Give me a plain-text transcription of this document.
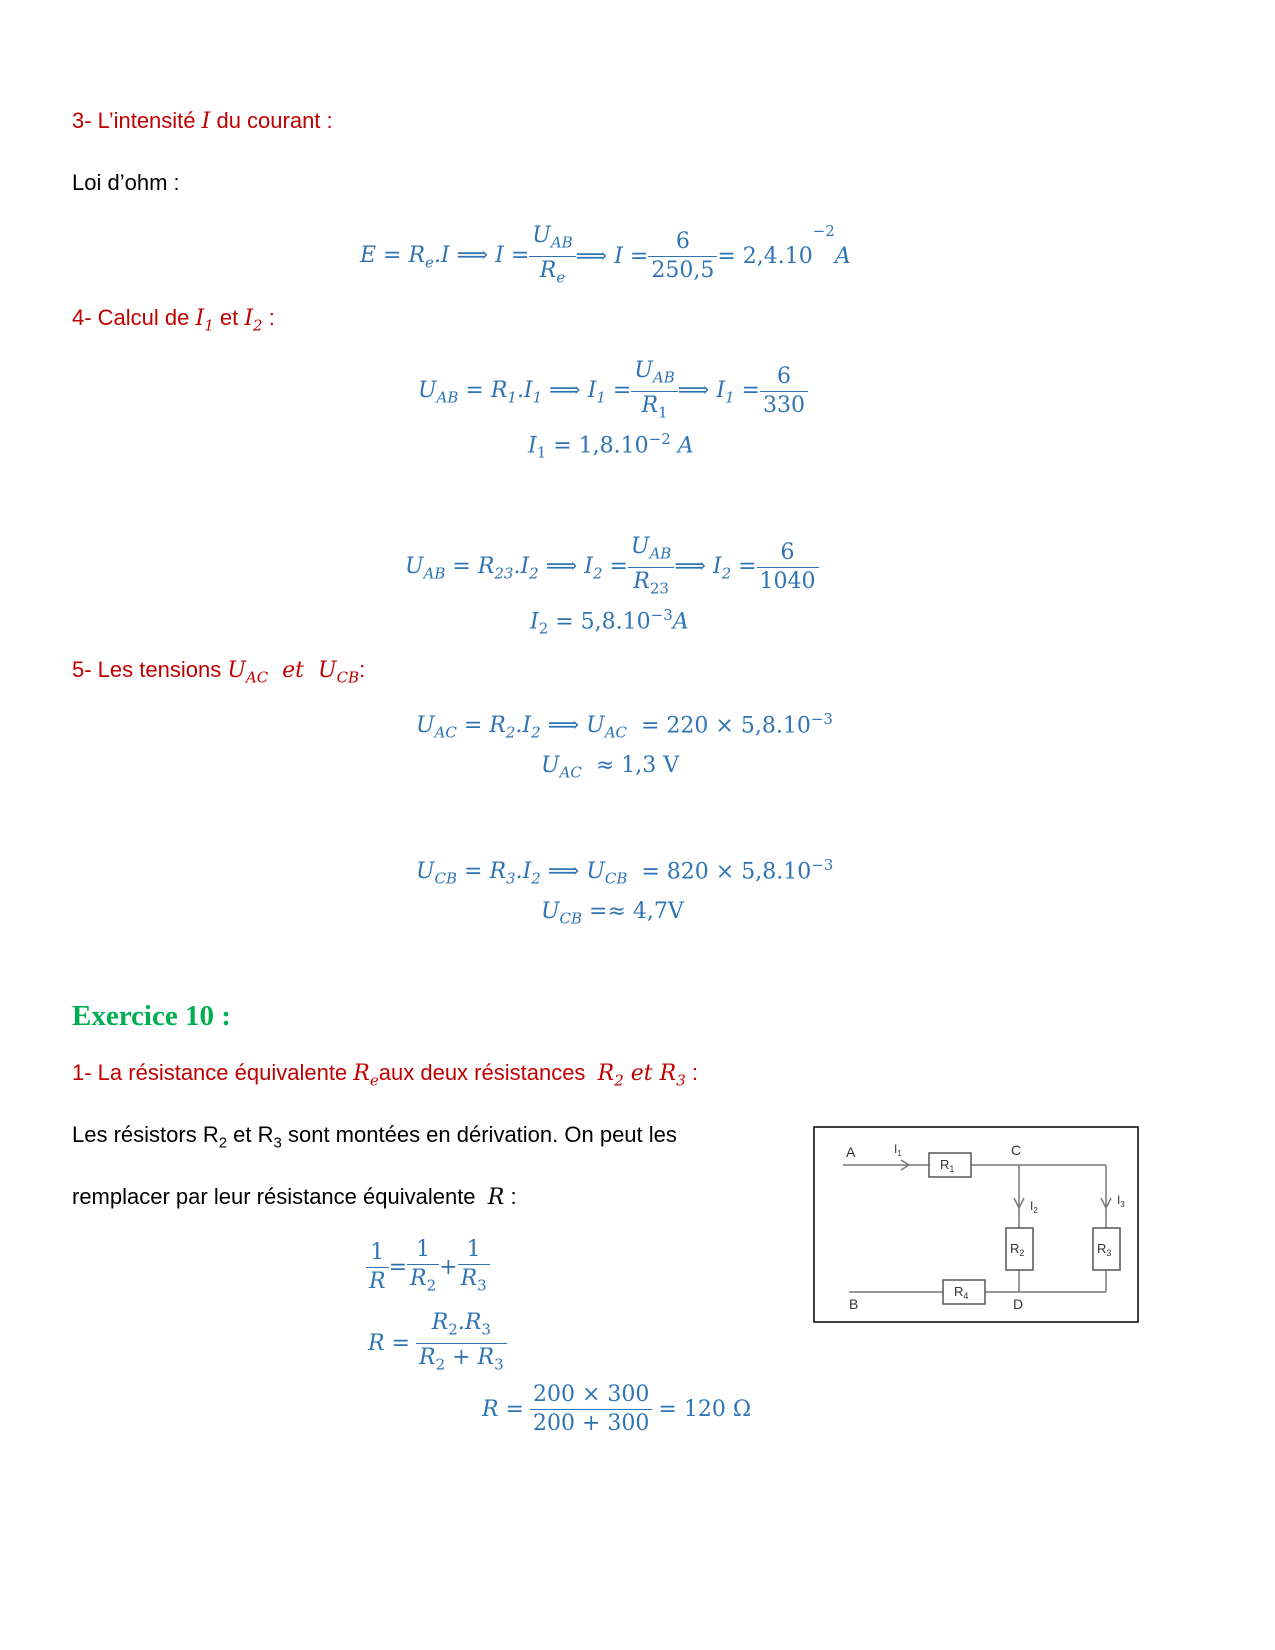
3- L’intensité I du courant :
Loi d’ohm :
$E = R_e.I$ ⟹ $I = \frac{U_{AB}}{R_e}$ ⟹ $I = \frac{6}{250,5} = 2,4.10$
−2
A
4- Calcul de $I_1$ et $I_2$ :
$U_{AB} = R_1.I_1$ ⟹ $I_1 = \frac{U_{AB}}{R_1}$ ⟹ $I_1 = \frac{6}{330}$
$I_1 = 1,8.10^{-2}$ A
$U_{AB} = R_{23}.I_2$ ⟹ $I_2 = \frac{U_{AB}}{R_{23}}$ ⟹ $I_2 = \frac{6}{1040}$
$I_2 = 5,8.10^{-3}A$
5- Les tensions $U_{AC}$  et  $U_{CB}$:
$U_{AC} = R_2.I_2$ ⟹ $U_{AC} = 220 \times 5,8.10^{-3}$
$U_{AC} \approx 1,3$ V
$U_{CB} = R_3.I_2$ ⟹ $U_{CB} = 820 \times 5,8.10^{-3}$
$U_{CB} =\approx 4,7V$
Exercice 10 :
1- La résistance équivalente $R_eaux$ deux résistances  $R_2$ et $R_3$ :
Les résistors $R_2$ et $R_3$ sont montées en dérivation. On peut les
remplacer par leur résistance équivalente  R :
$\frac{1}{R} = \frac{1}{R_2} + \frac{1}{R_3}$
$R = \frac{R_2.R_3}{R_2 + R_3}$
$R = \frac{200 \times 300}{200 + 300} = 120$ Ω
A
B
C
D
$I_1$
$I_2$
$I_3$
$R_1$
$R_2$	$R_3$
$R_4$
